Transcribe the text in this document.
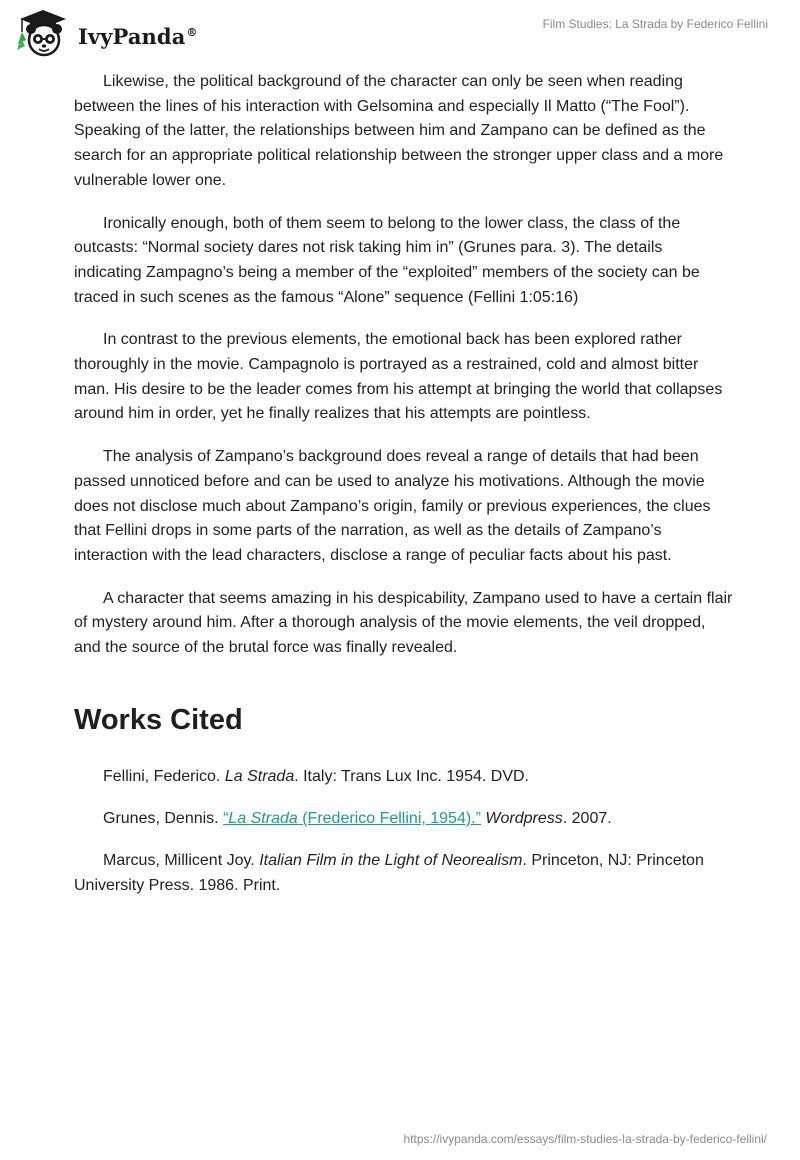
IvyPanda®
Film Studies: La Strada by Federico Fellini

Likewise, the political background of the character can only be seen when reading between the lines of his interaction with Gelsomina and especially Il Matto (“The Fool”). Speaking of the latter, the relationships between him and Zampano can be defined as the search for an appropriate political relationship between the stronger upper class and a more vulnerable lower one.

Ironically enough, both of them seem to belong to the lower class, the class of the outcasts: “Normal society dares not risk taking him in” (Grunes para. 3). The details indicating Zampagno’s being a member of the “exploited” members of the society can be traced in such scenes as the famous “Alone” sequence (Fellini 1:05:16)

In contrast to the previous elements, the emotional back has been explored rather thoroughly in the movie. Campagnolo is portrayed as a restrained, cold and almost bitter man. His desire to be the leader comes from his attempt at bringing the world that collapses around him in order, yet he finally realizes that his attempts are pointless.

The analysis of Zampano’s background does reveal a range of details that had been passed unnoticed before and can be used to analyze his motivations. Although the movie does not disclose much about Zampano’s origin, family or previous experiences, the clues that Fellini drops in some parts of the narration, as well as the details of Zampano’s interaction with the lead characters, disclose a range of peculiar facts about his past.

A character that seems amazing in his despicability, Zampano used to have a certain flair of mystery around him. After a thorough analysis of the movie elements, the veil dropped, and the source of the brutal force was finally revealed.

Works Cited

Fellini, Federico. La Strada. Italy: Trans Lux Inc. 1954. DVD.

Grunes, Dennis. “La Strada (Frederico Fellini, 1954).” Wordpress. 2007.

Marcus, Millicent Joy. Italian Film in the Light of Neorealism. Princeton, NJ: Princeton University Press. 1986. Print.

https://ivypanda.com/essays/film-studies-la-strada-by-federico-fellini/
